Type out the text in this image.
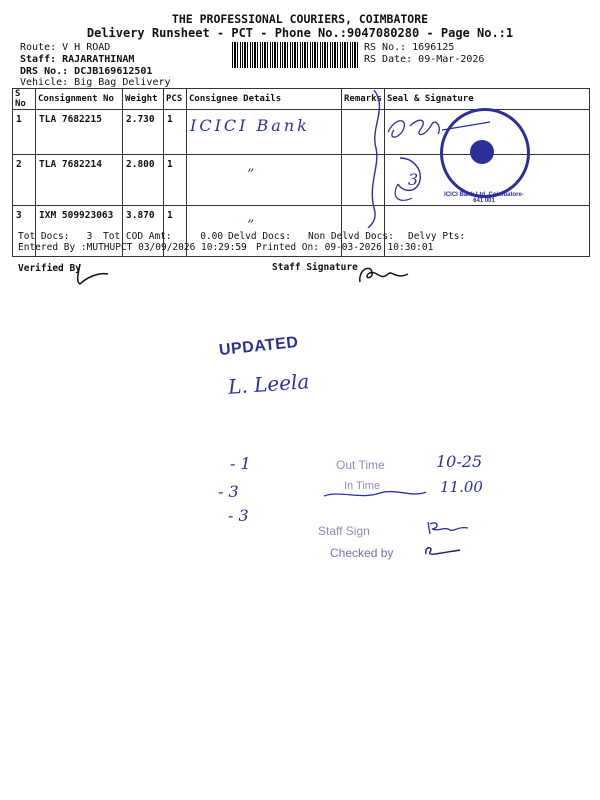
THE PROFESSIONAL COURIERS, COIMBATORE
Delivery Runsheet - PCT - Phone No.:9047080280 - Page No.:1
Route: V H ROAD
Staff: RAJARATHINAM
DRS No.: DCJB169612501
Vehicle: Big Bag Delivery
RS No.: 1696125
RS Date: 09-Mar-2026
S No	Consignment No	Weight	PCS	Consignee Details	Remarks	Seal & Signature
1	TLA 7682215	2.730	1	ICICI Bank		
2	TLA 7682214	2.800	1	”		
3	IXM 509923063	3.870	1	”		
3
ICICI Bank Ltd. Coimbatore-641 001
Tot Docs:   3 Tot COD Amt:     0.00 Delvd Docs: Non Delvd Docs: Delvy Pts:
Entered By :MUTHUPCT 03/09/2026 10:29:59 Printed On: 09-03-2026 10:30:01
Verified By	Staff Signature
UPDATED
L. Leela
- 1
- 3
- 3
Out Time	10-25
In Time	11.00
Staff Sign
Checked by
